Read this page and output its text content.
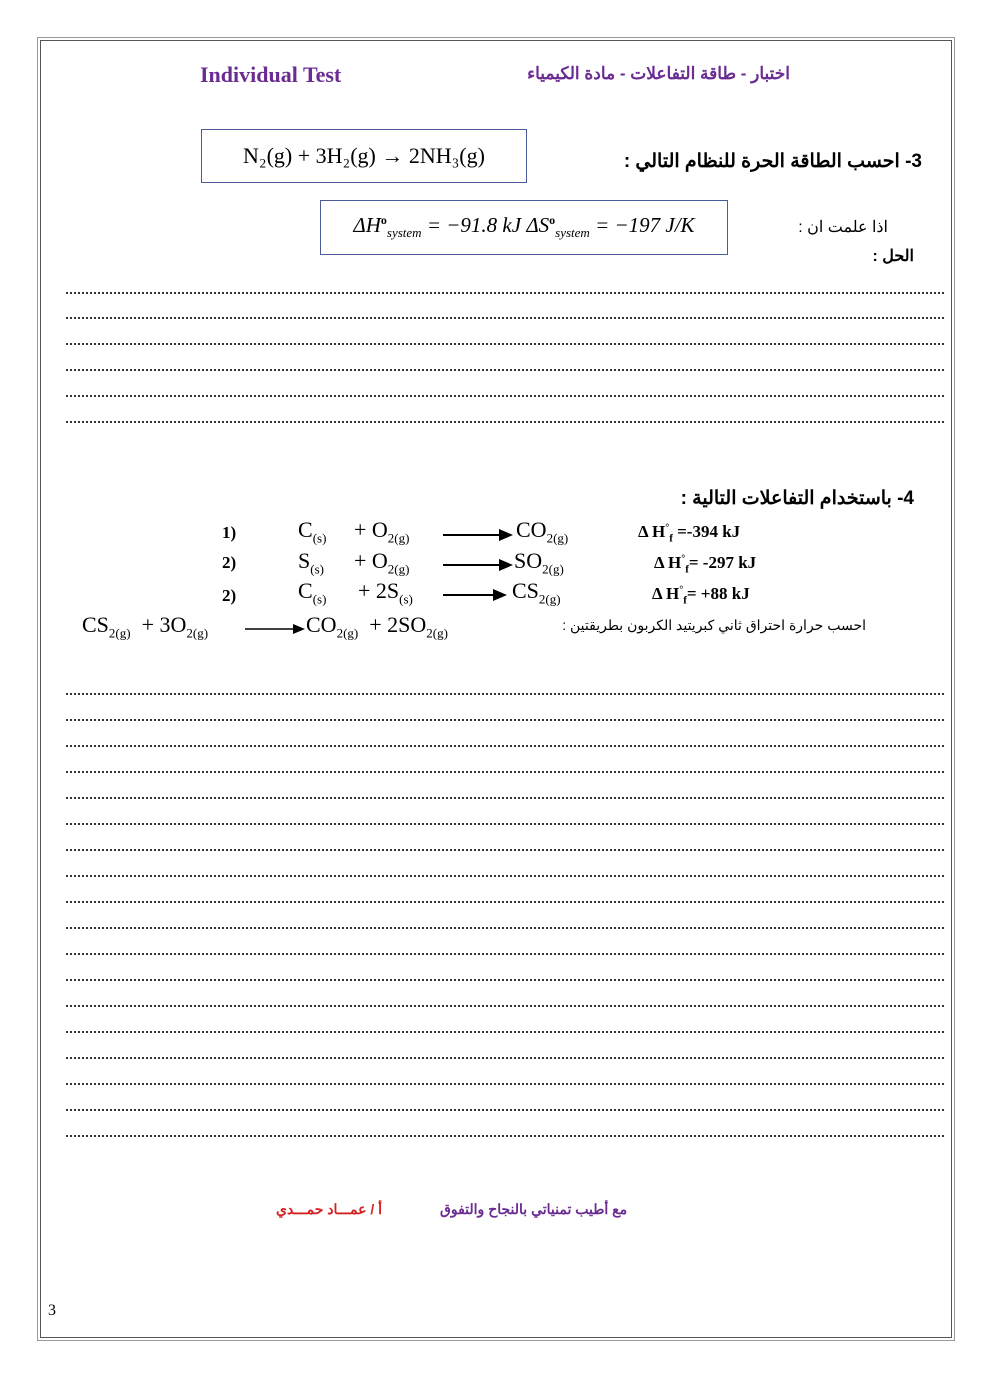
Individual Test	اختبار - طاقة التفاعلات - مادة الكيمياء
N₂(g) + 3H₂(g) → 2NH₃(g)	3- احسب الطاقة الحرة للنظام التالي :
$\Delta H^o_{system} = -91.8$ kJ
$\Delta S^o_{system} = -197$ J/K	اذا علمت ان :
الحل :
4- باستخدام التفاعلات التالية :
1)	$C_{(s)} + O_{2(g)}$	$CO_{2(g)}$	Δ $H^\circ_f =-394$ kJ
2)	$S_{(s)} + O_{2(g)}$	$SO_{2(g)}$	Δ $H^\circ_f= -297$ kJ
2)	$C_{(s)} + 2S_{(s)} \to CS_{2(g)}$	Δ $H^\circ_f= +88$ kJ
$CS_{2(g)} + 3O_{2(g)} \to CO_{2(g)} + 2SO_{2(g)}$	احسب حرارة احتراق ثاني كبريتيد الكربون بطريقتين :
مع أطيب تمنياتي بالنجاح والتفوق
أ / عمـــاد حمـــدي
3
